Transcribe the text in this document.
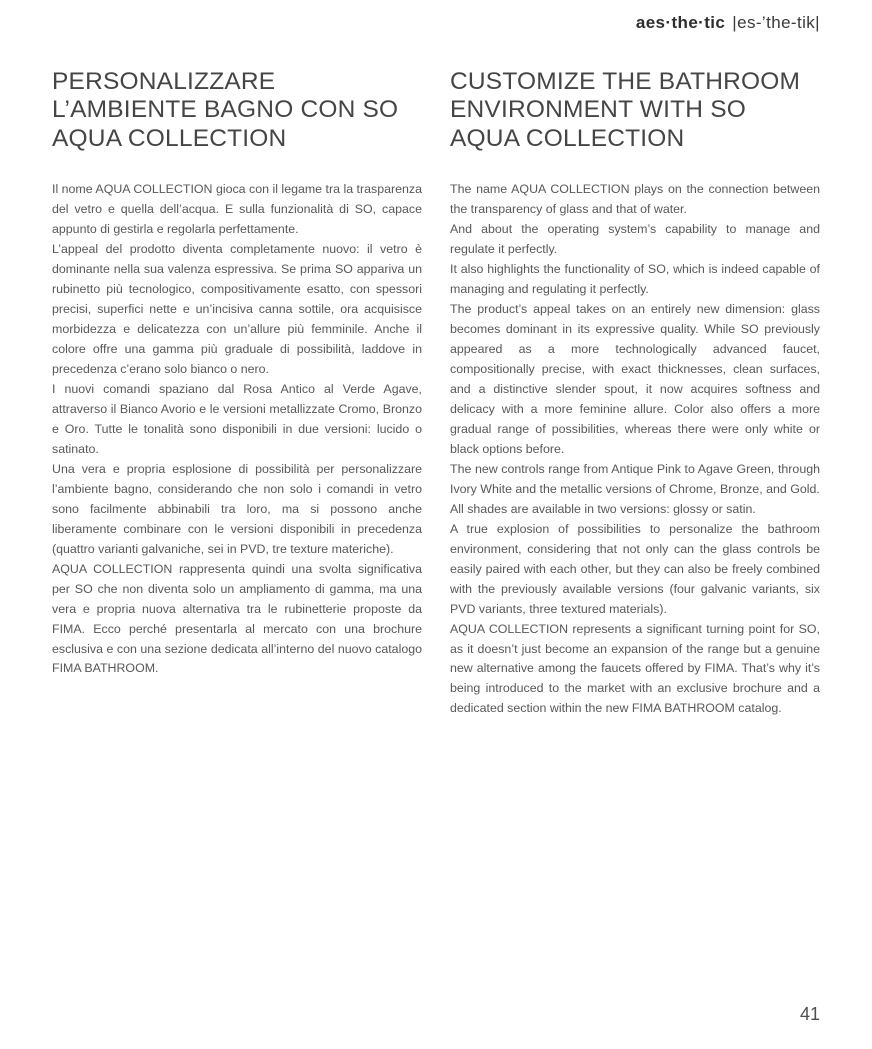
aes·the·tic |es-’the-tik|
PERSONALIZZARE L’AMBIENTE BAGNO CON SO AQUA COLLECTION

Il nome AQUA COLLECTION gioca con il legame tra la trasparenza del vetro e quella dell’acqua. E sulla funzionalità di SO, capace appunto di gestirla e regolarla perfettamente.

L’appeal del prodotto diventa completamente nuovo: il vetro è dominante nella sua valenza espressiva. Se prima SO appariva un rubinetto più tecnologico, compositivamente esatto, con spessori precisi, superfici nette e un’incisiva canna sottile, ora acquisisce morbidezza e delicatezza con un’allure più femminile. Anche il colore offre una gamma più graduale di possibilità, laddove in precedenza c’erano solo bianco o nero.

I nuovi comandi spaziano dal Rosa Antico al Verde Agave, attraverso il Bianco Avorio e le versioni metallizzate Cromo, Bronzo e Oro. Tutte le tonalità sono disponibili in due versioni: lucido o satinato.

Una vera e propria esplosione di possibilità per personalizzare l’ambiente bagno, considerando che non solo i comandi in vetro sono facilmente abbinabili tra loro, ma si possono anche liberamente combinare con le versioni disponibili in precedenza (quattro varianti galvaniche, sei in PVD, tre texture materiche).

AQUA COLLECTION rappresenta quindi una svolta significativa per SO che non diventa solo un ampliamento di gamma, ma una vera e propria nuova alternativa tra le rubinetterie proposte da FIMA. Ecco perché presentarla al mercato con una brochure esclusiva e con una sezione dedicata all’interno del nuovo catalogo FIMA BATHROOM.

CUSTOMIZE THE BATHROOM ENVIRONMENT WITH SO AQUA COLLECTION

The name AQUA COLLECTION plays on the connection between the transparency of glass and that of water.

And about the operating system’s capability to manage and regulate it perfectly.

It also highlights the functionality of SO, which is indeed capable of managing and regulating it perfectly.

The product’s appeal takes on an entirely new dimension: glass becomes dominant in its expressive quality. While SO previously appeared as a more technologically advanced faucet, compositionally precise, with exact thicknesses, clean surfaces, and a distinctive slender spout, it now acquires softness and delicacy with a more feminine allure. Color also offers a more gradual range of possibilities, whereas there were only white or black options before.

The new controls range from Antique Pink to Agave Green, through Ivory White and the metallic versions of Chrome, Bronze, and Gold.

All shades are available in two versions: glossy or satin.

A true explosion of possibilities to personalize the bathroom environment, considering that not only can the glass controls be easily paired with each other, but they can also be freely combined with the previously available versions (four galvanic variants, six PVD variants, three textured materials).

AQUA COLLECTION represents a significant turning point for SO, as it doesn’t just become an expansion of the range but a genuine new alternative among the faucets offered by FIMA. That’s why it’s being introduced to the market with an exclusive brochure and a dedicated section within the new FIMA BATHROOM catalog.

41
